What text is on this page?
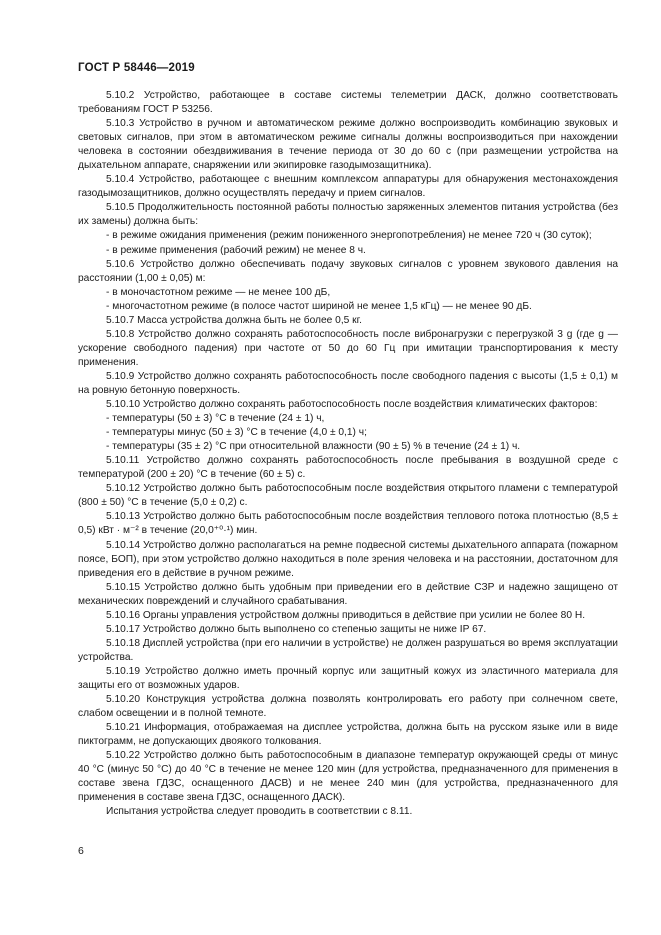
ГОСТ Р 58446—2019

5.10.2 Устройство, работающее в составе системы телеметрии ДАСК, должно соответствовать требованиям ГОСТ Р 53256.

5.10.3 Устройство в ручном и автоматическом режиме должно воспроизводить комбинацию звуковых и световых сигналов, при этом в автоматическом режиме сигналы должны воспроизводиться при нахождении человека в состоянии обездвиживания в течение периода от 30 до 60 с (при размещении устройства на дыхательном аппарате, снаряжении или экипировке газодымозащитника).

5.10.4 Устройство, работающее с внешним комплексом аппаратуры для обнаружения местонахождения газодымозащитников, должно осуществлять передачу и прием сигналов.

5.10.5 Продолжительность постоянной работы полностью заряженных элементов питания устройства (без их замены) должна быть:

- в режиме ожидания применения (режим пониженного энергопотребления) не менее 720 ч (30 суток);

- в режиме применения (рабочий режим) не менее 8 ч.

5.10.6 Устройство должно обеспечивать подачу звуковых сигналов с уровнем звукового давления на расстоянии (1,00 ± 0,05) м:

- в моночастотном режиме — не менее 100 дБ,

- многочастотном режиме (в полосе частот шириной не менее 1,5 кГц) — не менее 90 дБ.

5.10.7 Масса устройства должна быть не более 0,5 кг.

5.10.8 Устройство должно сохранять работоспособность после вибронагрузки с перегрузкой 3 g (где g — ускорение свободного падения) при частоте от 50 до 60 Гц при имитации транспортирования к месту применения.

5.10.9 Устройство должно сохранять работоспособность после свободного падения с высоты (1,5 ± 0,1) м на ровную бетонную поверхность.

5.10.10 Устройство должно сохранять работоспособность после воздействия климатических факторов:

- температуры (50 ± 3) °С в течение (24 ± 1) ч,

- температуры минус (50 ± 3) °С в течение (4,0 ± 0,1) ч;

- температуры (35 ± 2) °С при относительной влажности (90 ± 5) % в течение (24 ± 1) ч.

5.10.11 Устройство должно сохранять работоспособность после пребывания в воздушной среде с температурой (200 ± 20) °С в течение (60 ± 5) с.

5.10.12 Устройство должно быть работоспособным после воздействия открытого пламени с температурой (800 ± 50) °С в течение (5,0 ± 0,2) с.

5.10.13 Устройство должно быть работоспособным после воздействия теплового потока плотностью (8,5 ± 0,5) кВт · м⁻² в течение (20,0⁺⁰·¹) мин.

5.10.14 Устройство должно располагаться на ремне подвесной системы дыхательного аппарата (пожарном поясе, БОП), при этом устройство должно находиться в поле зрения человека и на расстоянии, достаточном для приведения его в действие в ручном режиме.

5.10.15 Устройство должно быть удобным при приведении его в действие СЗР и надежно защищено от механических повреждений и случайного срабатывания.

5.10.16 Органы управления устройством должны приводиться в действие при усилии не более 80 Н.

5.10.17 Устройство должно быть выполнено со степенью защиты не ниже IP 67.

5.10.18 Дисплей устройства (при его наличии в устройстве) не должен разрушаться во время эксплуатации устройства.

5.10.19 Устройство должно иметь прочный корпус или защитный кожух из эластичного материала для защиты его от возможных ударов.

5.10.20 Конструкция устройства должна позволять контролировать его работу при солнечном свете, слабом освещении и в полной темноте.

5.10.21 Информация, отображаемая на дисплее устройства, должна быть на русском языке или в виде пиктограмм, не допускающих двоякого толкования.

5.10.22 Устройство должно быть работоспособным в диапазоне температур окружающей среды от минус 40 °С (минус 50 °С) до 40 °С в течение не менее 120 мин (для устройства, предназначенного для применения в составе звена ГДЗС, оснащенного ДАСВ) и не менее 240 мин (для устройства, предназначенного для применения в составе звена ГДЗС, оснащенного ДАСК).

Испытания устройства следует проводить в соответствии с 8.11.

6
